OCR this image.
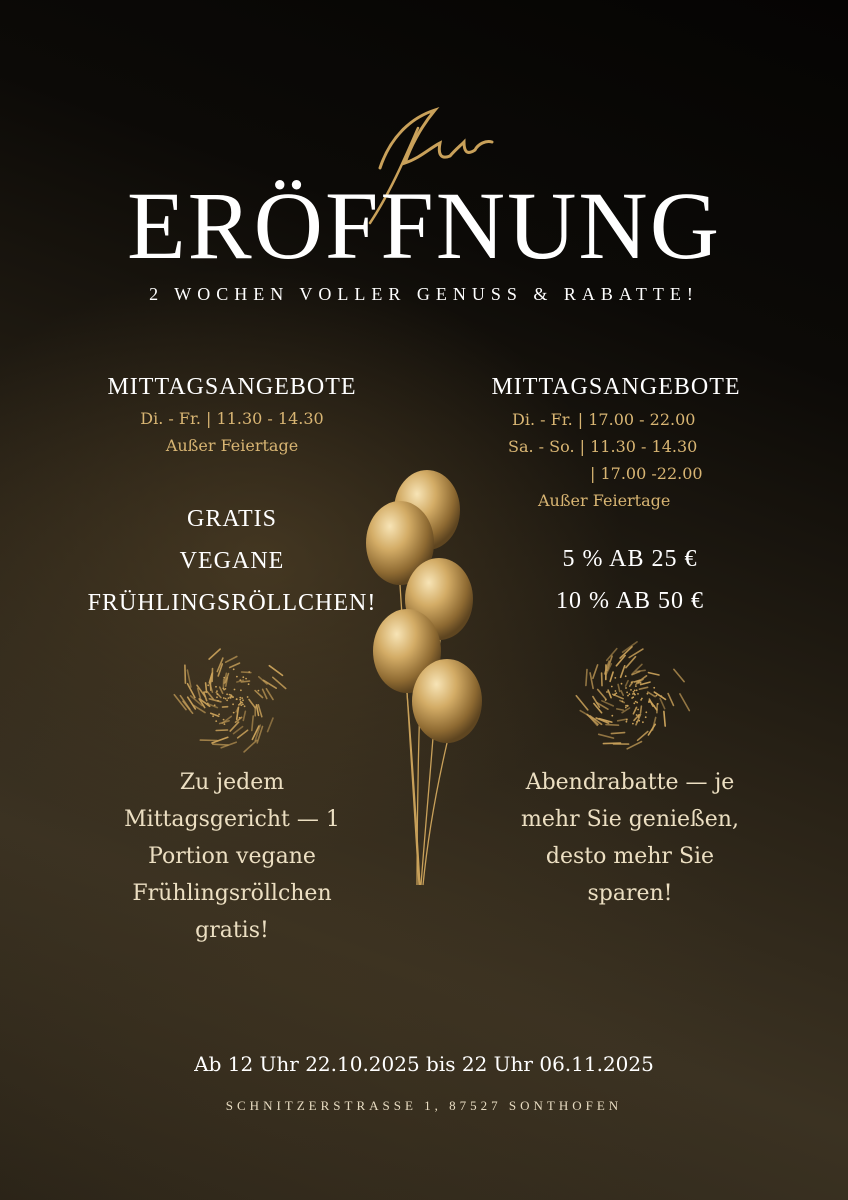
ERÖFFNUNG
2 WOCHEN VOLLER GENUSS & RABATTE!
MITTAGSANGEBOTE
Di. - Fr. | 11.30 - 14.30
Außer Feiertage
GRATIS
VEGANE
FRÜHLINGSRÖLLCHEN!
Zu jedem
Mittagsgericht — 1
Portion vegane
Frühlingsröllchen
gratis!
MITTAGSANGEBOTE
Di. - Fr. | 17.00 - 22.00
Sa. - So. | 11.30 - 14.30
| 17.00 -22.00
Außer Feiertage
5 % AB 25 €
10 % AB 50 €
Abendrabatte — je
mehr Sie genießen,
desto mehr Sie
sparen!
Ab 12 Uhr 22.10.2025 bis 22 Uhr 06.11.2025
SCHNITZERSTRASSE 1, 87527 SONTHOFEN
